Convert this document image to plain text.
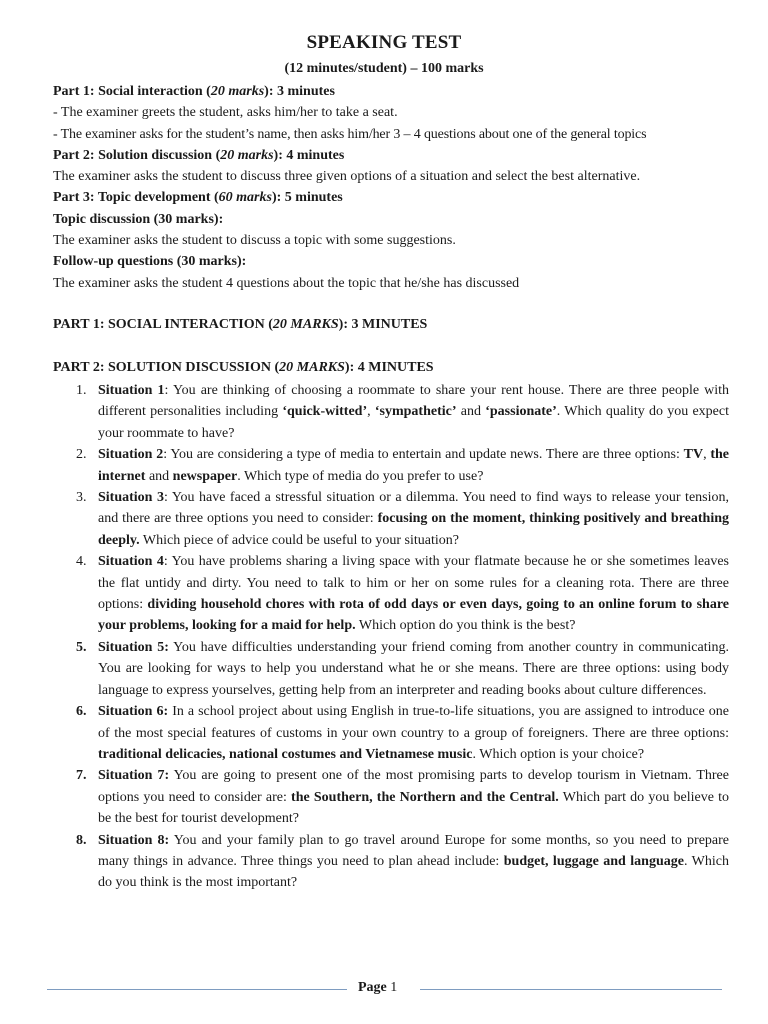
SPEAKING TEST
(12 minutes/student) – 100 marks
Part 1: Social interaction (20 marks): 3 minutes
- The examiner greets the student, asks him/her to take a seat.
- The examiner asks for the student’s name, then asks him/her 3 – 4 questions about one of the general topics
Part 2: Solution discussion (20 marks): 4 minutes
The examiner asks the student to discuss three given options of a situation and select the best alternative.
Part 3: Topic development (60 marks): 5 minutes
Topic discussion (30 marks):
The examiner asks the student to discuss a topic with some suggestions.
Follow-up questions (30 marks):
The examiner asks the student 4 questions about the topic that he/she has discussed
PART 1: SOCIAL INTERACTION (20 MARKS): 3 MINUTES
PART 2: SOLUTION DISCUSSION (20 MARKS): 4 MINUTES
1. Situation 1: You are thinking of choosing a roommate to share your rent house. There are three people with different personalities including ‘quick-witted’, ‘sympathetic’ and ‘passionate’. Which quality do you expect your roommate to have?
2. Situation 2: You are considering a type of media to entertain and update news. There are three options: TV, the internet and newspaper. Which type of media do you prefer to use?
3. Situation 3: You have faced a stressful situation or a dilemma. You need to find ways to release your tension, and there are three options you need to consider: focusing on the moment, thinking positively and breathing deeply. Which piece of advice could be useful to your situation?
4. Situation 4: You have problems sharing a living space with your flatmate because he or she sometimes leaves the flat untidy and dirty. You need to talk to him or her on some rules for a cleaning rota. There are three options: dividing household chores with rota of odd days or even days, going to an online forum to share your problems, looking for a maid for help. Which option do you think is the best?
5. Situation 5: You have difficulties understanding your friend coming from another country in communicating. You are looking for ways to help you understand what he or she means. There are three options: using body language to express yourselves, getting help from an interpreter and reading books about culture differences.
6. Situation 6: In a school project about using English in true-to-life situations, you are assigned to introduce one of the most special features of customs in your own country to a group of foreigners. There are three options: traditional delicacies, national costumes and Vietnamese music. Which option is your choice?
7. Situation 7: You are going to present one of the most promising parts to develop tourism in Vietnam. Three options you need to consider are: the Southern, the Northern and the Central. Which part do you believe to be the best for tourist development?
8. Situation 8: You and your family plan to go travel around Europe for some months, so you need to prepare many things in advance. Three things you need to plan ahead include: budget, luggage and language. Which do you think is the most important?
Page 1
